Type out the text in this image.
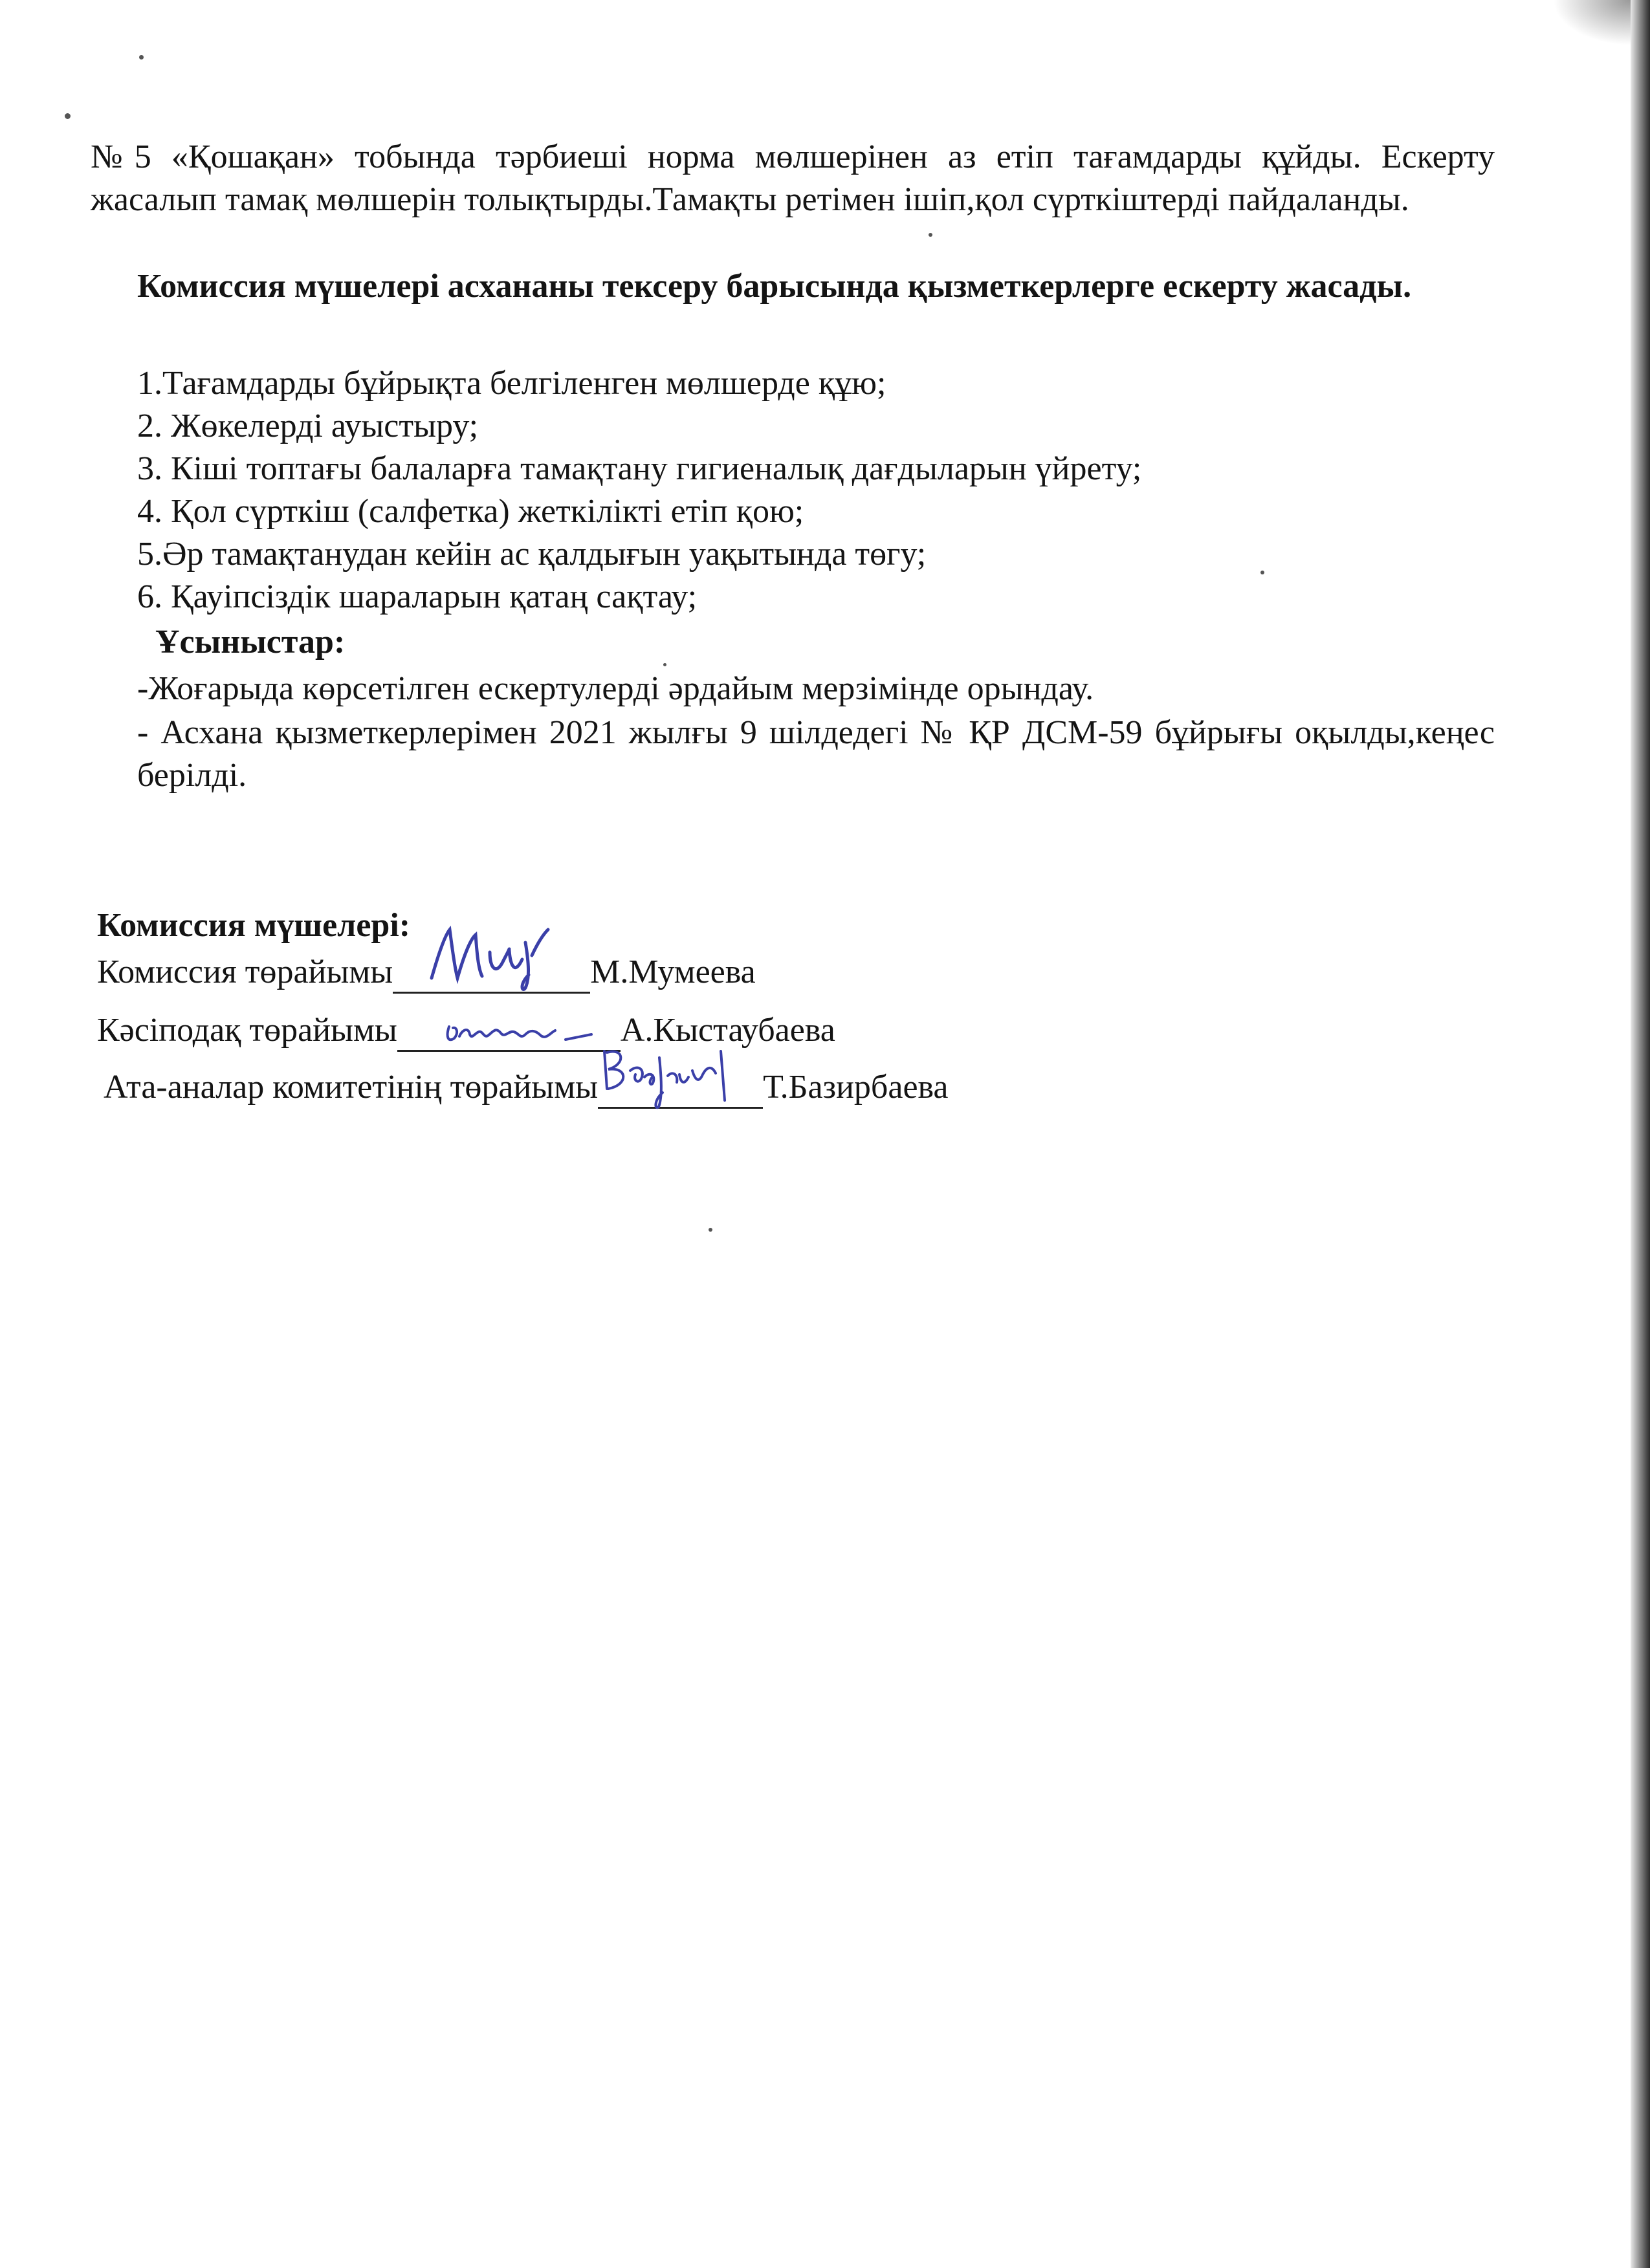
№5 «Қошақан» тобында тәрбиеші норма мөлшерінен аз етіп тағамдарды құйды. Ескерту жасалып тамақ мөлшерін толықтырды.Тамақты ретімен ішіп,қол сүрткіштерді пайдаланды.

Комиссия мүшелері асхананы тексеру барысында қызметкерлерге ескерту жасады.

1.Тағамдарды бұйрықта белгіленген мөлшерде құю;

2. Жөкелерді ауыстыру;

3. Кіші топтағы балаларға тамақтану гигиеналық дағдыларын үйрету;

4. Қол сүрткіш (салфетка) жеткілікті етіп қою;

5.Әр тамақтанудан кейін ас қалдығын уақытында төгу;

6. Қауіпсіздік шараларын қатаң сақтау;

Ұсыныстар:

-Жоғарыда көрсетілген ескертулерді әрдайым мерзімінде орындау.

- Асхана қызметкерлерімен 2021 жылғы 9 шілдедегі № ҚР ДСМ-59 бұйрығы оқылды,кеңес берілді.

Комиссия мүшелері:

Комиссия төрайымы	М.Мумеева
Кәсіподақ төрайымы	А.Кыстаубаева
Ата-аналар комитетінің төрайымы	Т.Базирбаева
